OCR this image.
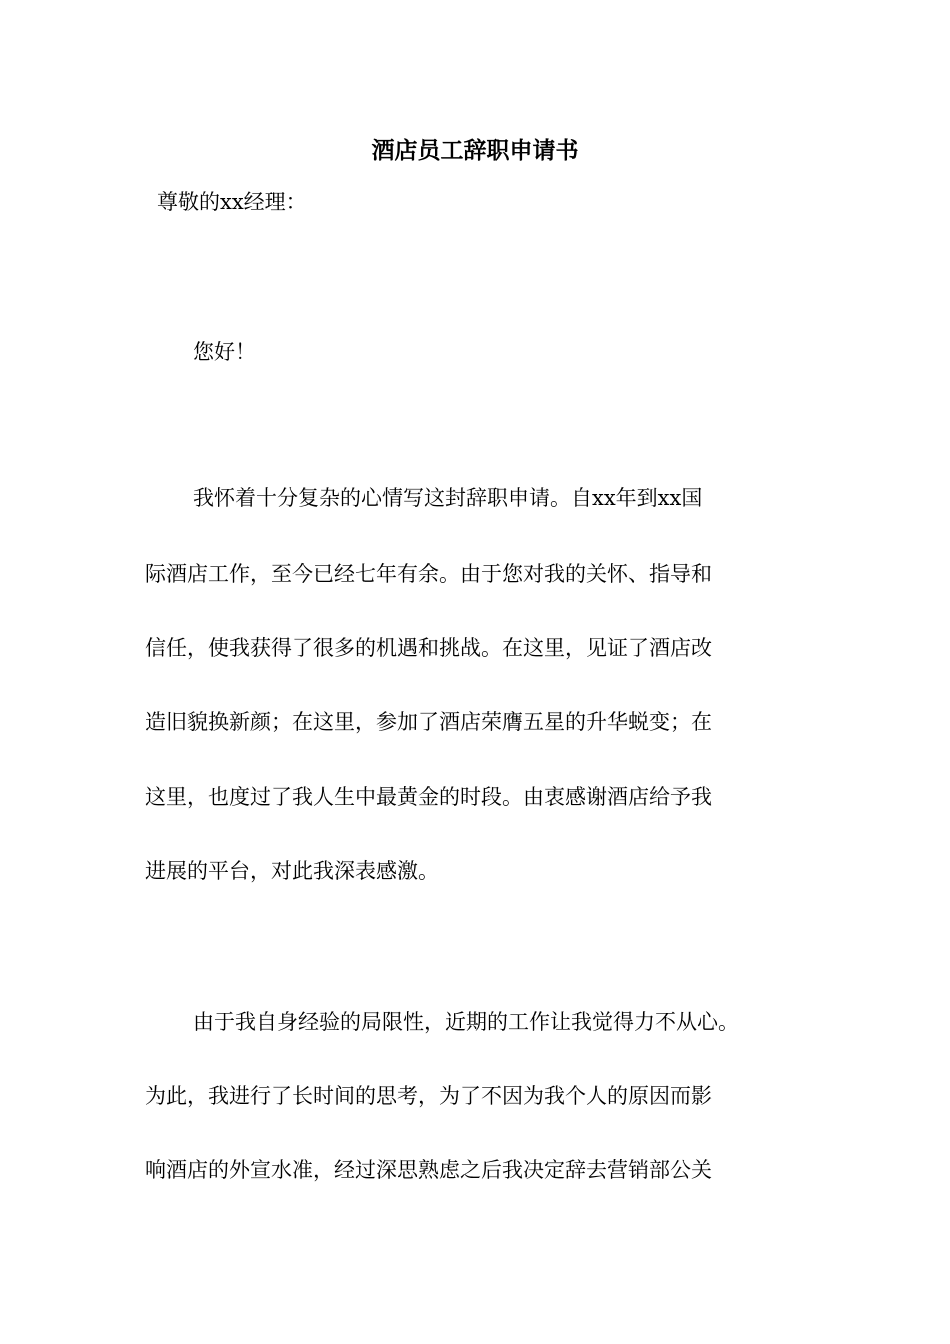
酒店员工辞职申请书
尊敬的xx经理：
您好！
我怀着十分复杂的心情写这封辞职申请。自xx年到xx国
际酒店工作，至今已经七年有余。由于您对我的关怀、指导和
信任，使我获得了很多的机遇和挑战。在这里，见证了酒店改
造旧貌换新颜；在这里，参加了酒店荣膺五星的升华蜕变；在
这里，也度过了我人生中最黄金的时段。由衷感谢酒店给予我
进展的平台，对此我深表感激。
由于我自身经验的局限性，近期的工作让我觉得力不从心。
为此，我进行了长时间的思考，为了不因为我个人的原因而影
响酒店的外宣水准，经过深思熟虑之后我决定辞去营销部公关
